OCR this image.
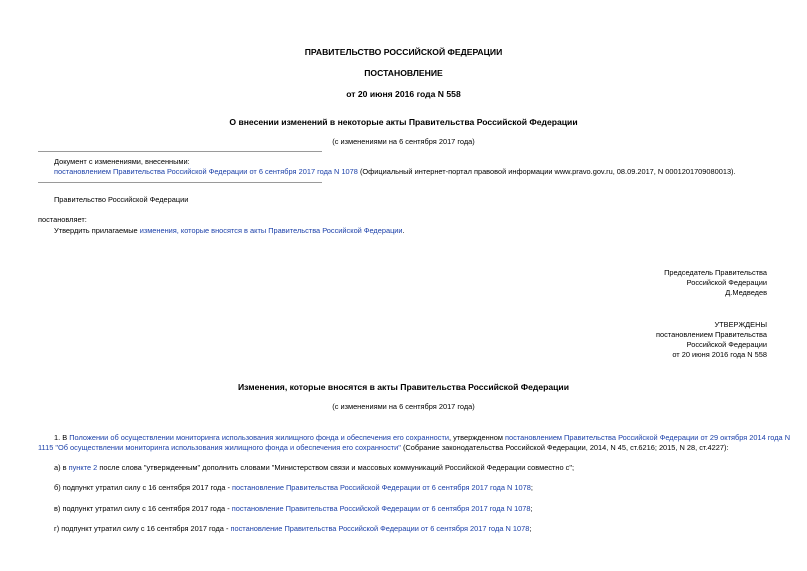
ПРАВИТЕЛЬСТВО РОССИЙСКОЙ ФЕДЕРАЦИИ
ПОСТАНОВЛЕНИЕ
от 20 июня 2016 года N 558
О внесении изменений в некоторые акты Правительства Российской Федерации
(с изменениями на 6 сентября 2017 года)
Документ с изменениями, внесенными:
постановлением Правительства Российской Федерации от 6 сентября 2017 года N 1078 (Официальный интернет-портал правовой информации www.pravo.gov.ru, 08.09.2017, N 0001201709080013).
Правительство Российской Федерации
постановляет:
Утвердить прилагаемые изменения, которые вносятся в акты Правительства Российской Федерации.
Председатель Правительства
Российской Федерации
Д.Медведев
УТВЕРЖДЕНЫ
постановлением Правительства
Российской Федерации
от 20 июня 2016 года N 558
Изменения, которые вносятся в акты Правительства Российской Федерации
(с изменениями на 6 сентября 2017 года)
1. В Положении об осуществлении мониторинга использования жилищного фонда и обеспечения его сохранности, утвержденном постановлением Правительства Российской Федерации от 29 октября 2014 года N
1115 "Об осуществлении мониторинга использования жилищного фонда и обеспечения его сохранности" (Собрание законодательства Российской Федерации, 2014, N 45, ст.6216; 2015, N 28, ст.4227):
а) в пункте 2 после слова "утвержденным" дополнить словами "Министерством связи и массовых коммуникаций Российской Федерации совместно с";
б) подпункт утратил силу с 16 сентября 2017 года - постановление Правительства Российской Федерации от 6 сентября 2017 года N 1078;
в) подпункт утратил силу с 16 сентября 2017 года - постановление Правительства Российской Федерации от 6 сентября 2017 года N 1078;
г) подпункт утратил силу с 16 сентября 2017 года - постановление Правительства Российской Федерации от 6 сентября 2017 года N 1078;
